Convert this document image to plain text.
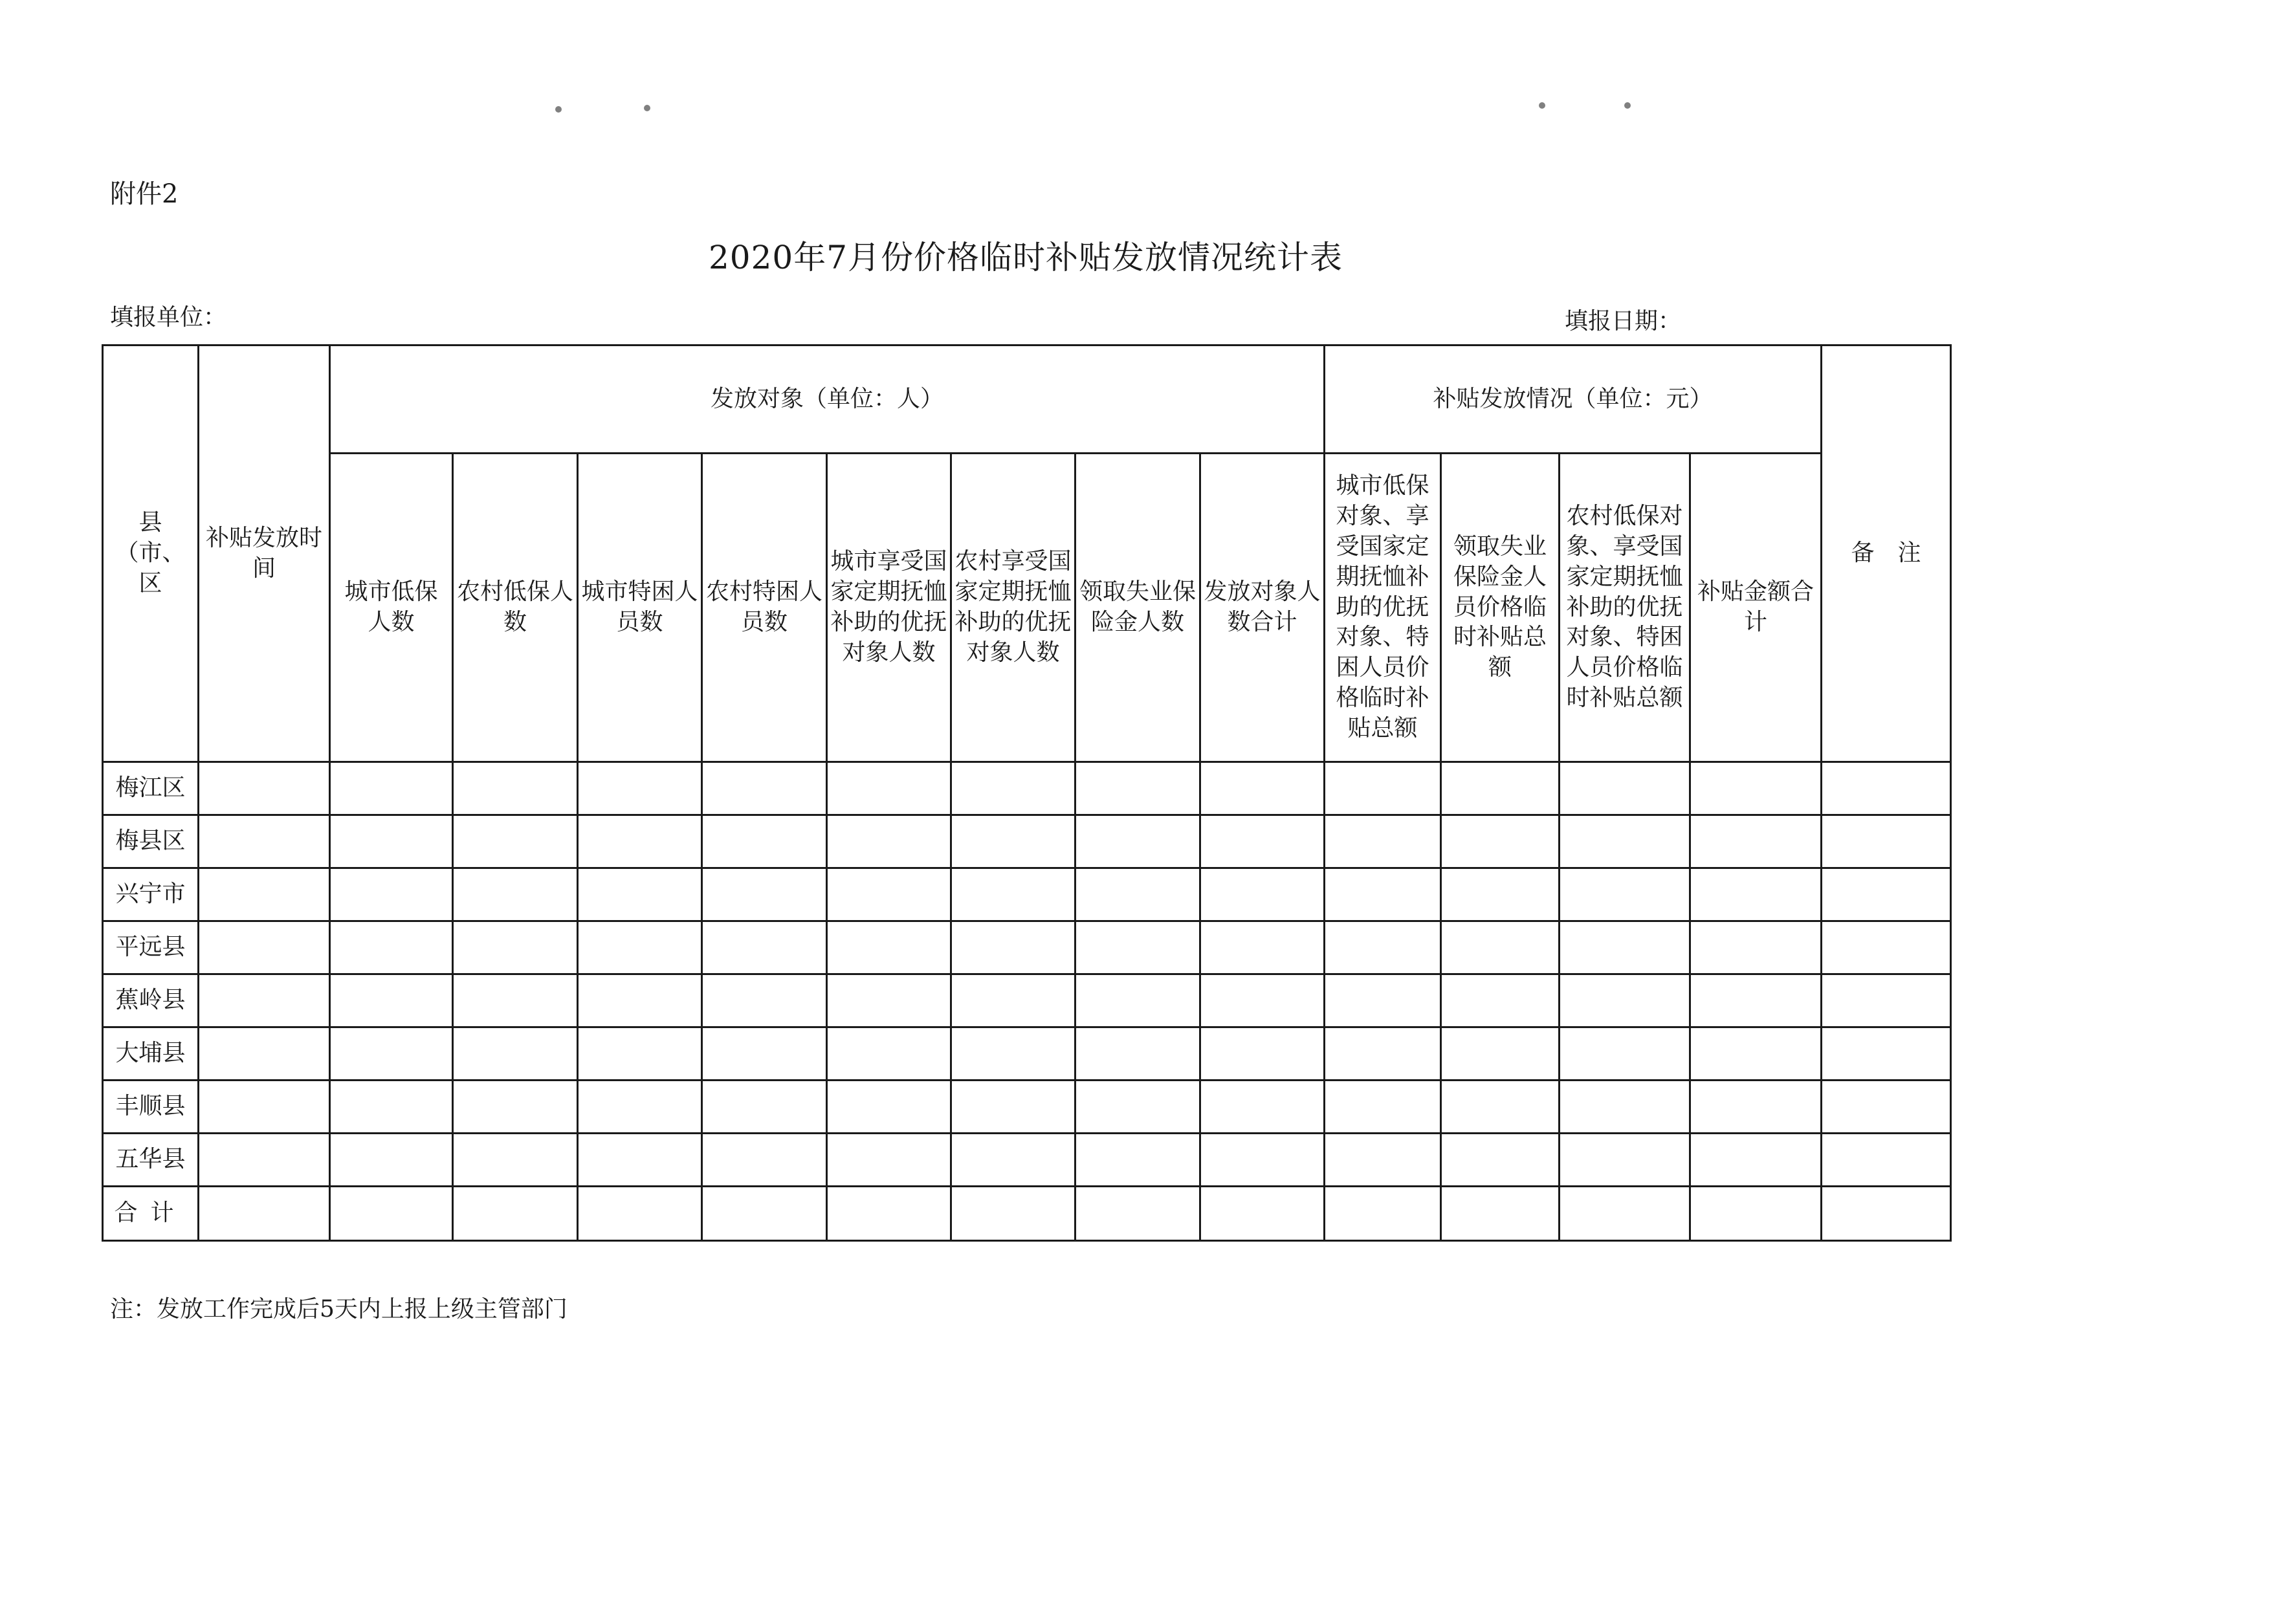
附件2
2020年7月份价格临时补贴发放情况统计表
填报单位：	填报日期：
县（市、区	补贴发放时间	发放对象（单位：人）								补贴发放情况（单位：元）				备　注
		城市低保人数	农村低保人数	城市特困人员数	农村特困人员数	城市享受国家定期抚恤补助的优抚对象人数	农村享受国家定期抚恤补助的优抚对象人数	领取失业保险金人数	发放对象人数合计	城市低保对象、享受国家定期抚恤补助的优抚对象、特困人员价格临时补贴总额	领取失业保险金人员价格临时补贴总额	农村低保对象、享受国家定期抚恤补助的优抚对象、特困人员价格临时补贴总额	补贴金额合计	
梅江区														
梅县区														
兴宁市														
平远县														
蕉岭县														
大埔县														
丰顺县														
五华县														
合计														
注：发放工作完成后5天内上报上级主管部门
